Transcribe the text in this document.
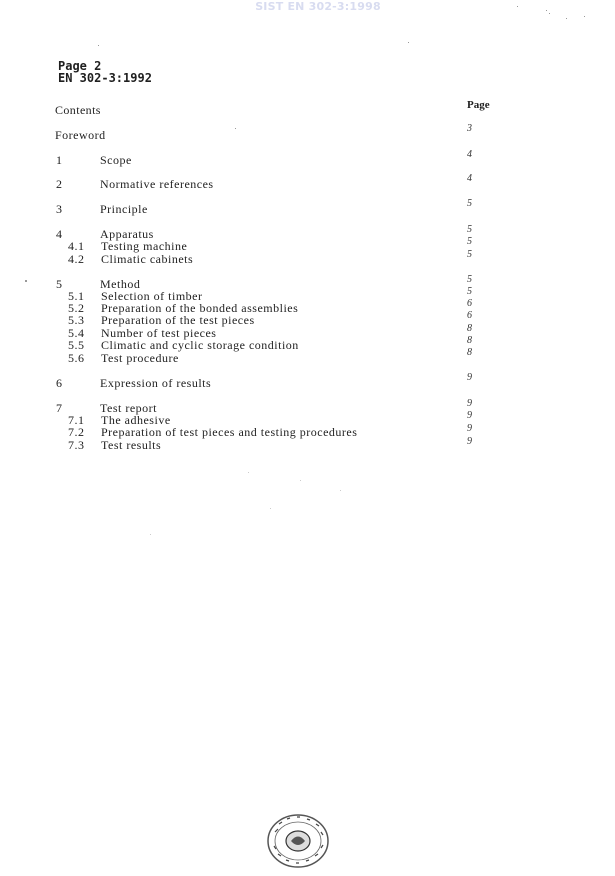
SIST EN 302-3:1998
Page 2
EN 302-3:1992
Contents	Page
Foreword	3
1	Scope	4
2	Normative references	4
3	Principle	5
4	Apparatus	5
4.1 Testing machine	5
4.2 Climatic cabinets	5
5	Method	5
5.1 Selection of timber	5
5.2 Preparation of the bonded assemblies	6
5.3 Preparation of the test pieces	6
5.4 Number of test pieces	8
5.5 Climatic and cyclic storage condition	8
5.6 Test procedure	8
6	Expression of results	9
7	Test report	9
7.1 The adhesive	9
7.2 Preparation of test pieces and testing procedures	9
7.3 Test results	9
